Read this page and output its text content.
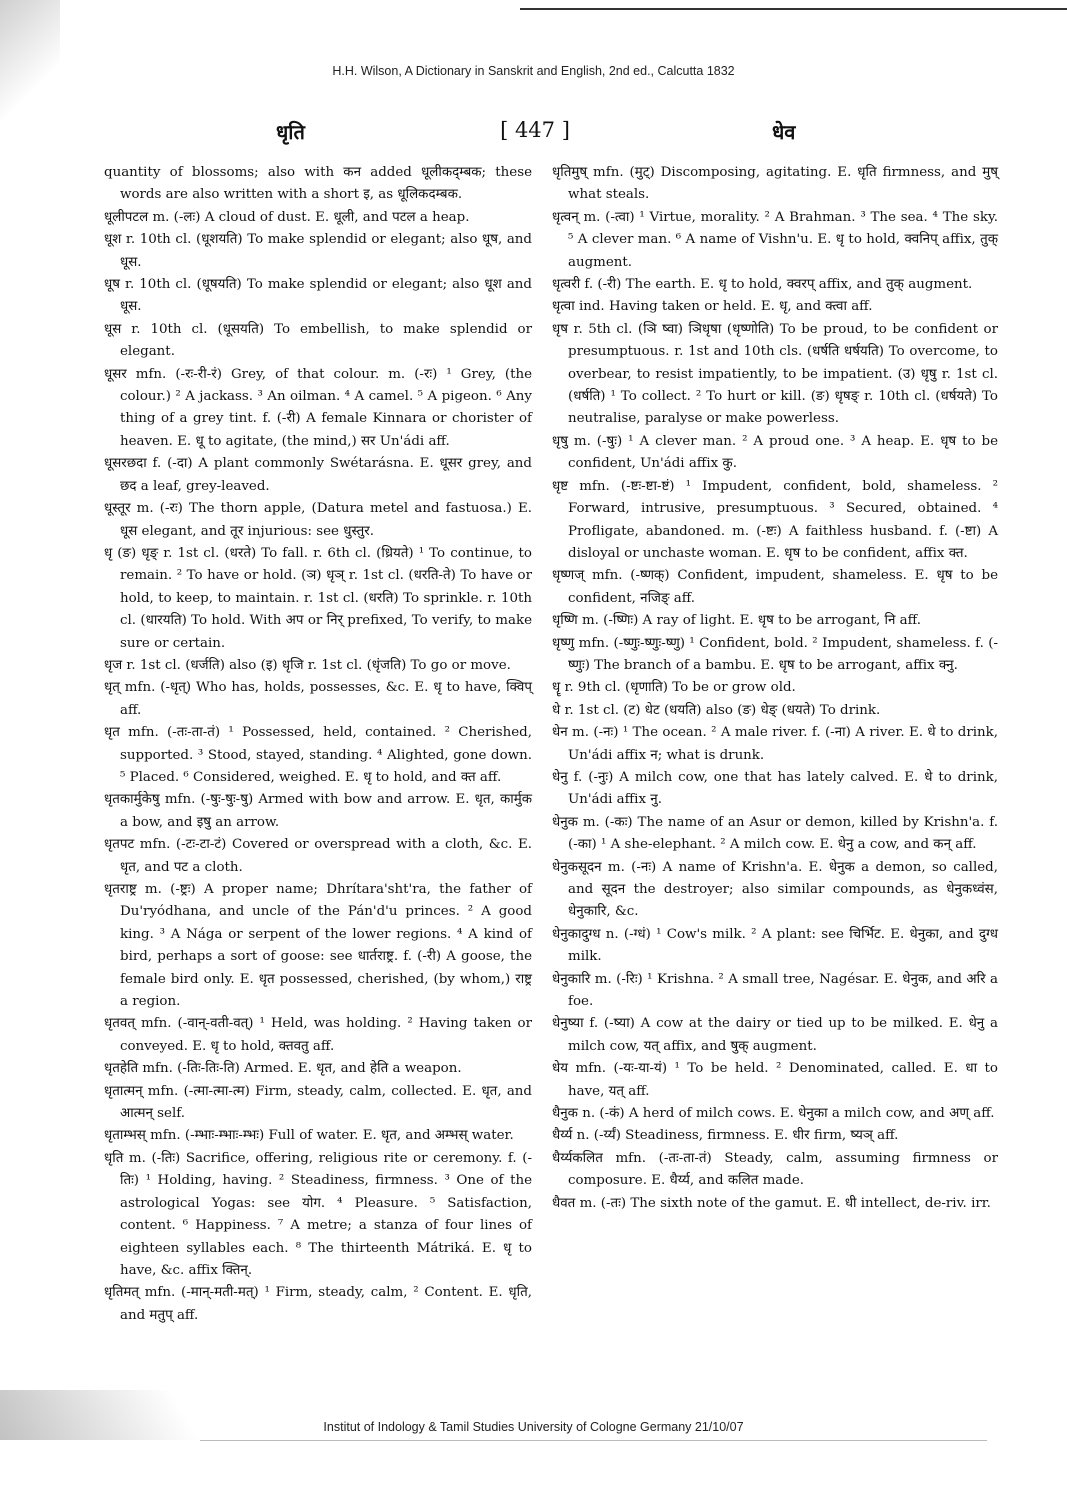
H.H. Wilson, A Dictionary in Sanskrit and English, 2nd ed., Calcutta 1832
धृति	[ 447 ]	धेव

quantity of blossoms; also with कन added धूलीकद्म्बक; these words are also written with a short इ, as धूलिकदम्बक.

धूलीपटल m. (-लः) A cloud of dust. E. धूली, and पटल a heap.

धूश r. 10th cl. (धूशयति) To make splendid or elegant; also धूष, and धूस.

धूष r. 10th cl. (धूषयति) To make splendid or elegant; also धूश and धूस.

धूस r. 10th cl. (धूसयति) To embellish, to make splendid or elegant.

धूसर mfn. (-रः-री-रं) Grey, of that colour. m. (-रः) ¹ Grey, (the colour.) ² A jackass. ³ An oilman. ⁴ A camel. ⁵ A pigeon. ⁶ Any thing of a grey tint. f. (-री) A female Kinnara or chorister of heaven. E. धू to agitate, (the mind,) सर Un'ádi aff.

धूसरछदा f. (-दा) A plant commonly Swétarásna. E. धूसर grey, and छद a leaf, grey-leaved.

धूस्तूर m. (-रः) The thorn apple, (Datura metel and fastuosa.) E. धूस elegant, and तूर injurious: see धुस्तुर.

धृ (ङ) धृङ् r. 1st cl. (धरते) To fall. r. 6th cl. (ध्रियते) ¹ To continue, to remain. ² To have or hold. (ञ) धृञ् r. 1st cl. (धरति-ते) To have or hold, to keep, to maintain. r. 1st cl. (धरति) To sprinkle. r. 10th cl. (धारयति) To hold. With अप or निर् prefixed, To verify, to make sure or certain.

धृज r. 1st cl. (धर्जति) also (इ) धृजि r. 1st cl. (धृंजति) To go or move.

धृत् mfn. (-धृत्) Who has, holds, possesses, &c. E. धृ to have, क्विप् aff.

धृत mfn. (-तः-ता-तं) ¹ Possessed, held, contained. ² Cherished, supported. ³ Stood, stayed, standing. ⁴ Alighted, gone down. ⁵ Placed. ⁶ Considered, weighed. E. धृ to hold, and क्त aff.

धृतकार्मुकेषु mfn. (-षुः-षुः-षु) Armed with bow and arrow. E. धृत, कार्मुक a bow, and इषु an arrow.

धृतपट mfn. (-टः-टा-टं) Covered or overspread with a cloth, &c. E. धृत, and पट a cloth.

धृतराष्ट्र m. (-ष्ट्रः) A proper name; Dhrítara'sht'ra, the father of Du'ryódhana, and uncle of the Pán'd'u princes. ² A good king. ³ A Nága or serpent of the lower regions. ⁴ A kind of bird, perhaps a sort of goose: see धार्तराष्ट्र. f. (-री) A goose, the female bird only. E. धृत possessed, cherished, (by whom,) राष्ट्र a region.

धृतवत् mfn. (-वान्-वती-वत्) ¹ Held, was holding. ² Having taken or conveyed. E. धृ to hold, क्तवतु aff.

धृतहेति mfn. (-तिः-तिः-ति) Armed. E. धृत, and हेति a weapon.

धृतात्मन् mfn. (-त्मा-त्मा-त्म) Firm, steady, calm, collected. E. धृत, and आत्मन् self.

धृताम्भस् mfn. (-म्भाः-म्भाः-म्भः) Full of water. E. धृत, and अम्भस् water.

धृति m. (-तिः) Sacrifice, offering, religious rite or ceremony. f. (-तिः) ¹ Holding, having. ² Steadiness, firmness. ³ One of the astrological Yogas: see योग. ⁴ Pleasure. ⁵ Satisfaction, content. ⁶ Happiness. ⁷ A metre; a stanza of four lines of eighteen syllables each. ⁸ The thirteenth Mátriká. E. धृ to have, &c. affix क्तिन्.

धृतिमत् mfn. (-मान्-मती-मत्) ¹ Firm, steady, calm, ² Content. E. धृति, and मतुप् aff.

धृतिमुष् mfn. (मुट्) Discomposing, agitating. E. धृति firmness, and मुष् what steals.

धृत्वन् m. (-त्वा) ¹ Virtue, morality. ² A Brahman. ³ The sea. ⁴ The sky. ⁵ A clever man. ⁶ A name of Vishn'u. E. धृ to hold, क्वनिप् affix, तुक् augment.

धृत्वरी f. (-री) The earth. E. धृ to hold, क्वरप् affix, and तुक् augment.

धृत्वा ind. Having taken or held. E. धृ, and क्त्वा aff.

धृष r. 5th cl. (ञि ष्वा) ञिधृषा (धृष्णोति) To be proud, to be confident or presumptuous. r. 1st and 10th cls. (धर्षति धर्षयति) To overcome, to overbear, to resist impatiently, to be impatient. (उ) धृषु r. 1st cl. (धर्षति) ¹ To collect. ² To hurt or kill. (ङ) धृषङ् r. 10th cl. (धर्षयते) To neutralise, paralyse or make powerless.

धृषु m. (-षुः) ¹ A clever man. ² A proud one. ³ A heap. E. धृष to be confident, Un'ádi affix कु.

धृष्ट mfn. (-ष्टः-ष्टा-ष्टं) ¹ Impudent, confident, bold, shameless. ² Forward, intrusive, presumptuous. ³ Secured, obtained. ⁴ Profligate, abandoned. m. (-ष्टः) A faithless husband. f. (-ष्टा) A disloyal or unchaste woman. E. धृष to be confident, affix क्त.

धृष्णज् mfn. (-ष्णक्) Confident, impudent, shameless. E. धृष to be confident, नजिङ् aff.

धृष्णि m. (-ष्णिः) A ray of light. E. धृष to be arrogant, नि aff.

धृष्णु mfn. (-ष्णुः-ष्णुः-ष्णु) ¹ Confident, bold. ² Impudent, shameless. f. (-ष्णुः) The branch of a bambu. E. धृष to be arrogant, affix क्नु.

धॄ r. 9th cl. (धृणाति) To be or grow old.

धे r. 1st cl. (ट) धेट (धयति) also (ङ) धेङ् (धयते) To drink.

धेन m. (-नः) ¹ The ocean. ² A male river. f. (-ना) A river. E. धे to drink, Un'ádi affix न; what is drunk.

धेनु f. (-नुः) A milch cow, one that has lately calved. E. धे to drink, Un'ádi affix नु.

धेनुक m. (-कः) The name of an Asur or demon, killed by Krishn'a. f. (-का) ¹ A she-elephant. ² A milch cow. E. धेनु a cow, and कन् aff.

धेनुकसूदन m. (-नः) A name of Krishn'a. E. धेनुक a demon, so called, and सूदन the destroyer; also similar compounds, as धेनुकध्वंस, धेनुकारि, &c.

धेनुकादुग्ध n. (-ग्धं) ¹ Cow's milk. ² A plant: see चिर्भिट. E. धेनुका, and दुग्ध milk.

धेनुकारि m. (-रिः) ¹ Krishna. ² A small tree, Nagésar. E. धेनुक, and अरि a foe.

धेनुष्या f. (-ष्या) A cow at the dairy or tied up to be milked. E. धेनु a milch cow, यत् affix, and षुक् augment.

धेय mfn. (-यः-या-यं) ¹ To be held. ² Denominated, called. E. धा to have, यत् aff.

धैनुक n. (-कं) A herd of milch cows. E. धेनुका a milch cow, and अण् aff.

धैर्य्य n. (-र्य्यं) Steadiness, firmness. E. धीर firm, ष्यञ् aff.

धैर्य्यकलित mfn. (-तः-ता-तं) Steady, calm, assuming firmness or composure. E. धैर्य्य, and कलित made.

धैवत m. (-तः) The sixth note of the gamut. E. धी intellect, de-riv. irr.

Institut of Indology & Tamil Studies University of Cologne Germany 21/10/07
